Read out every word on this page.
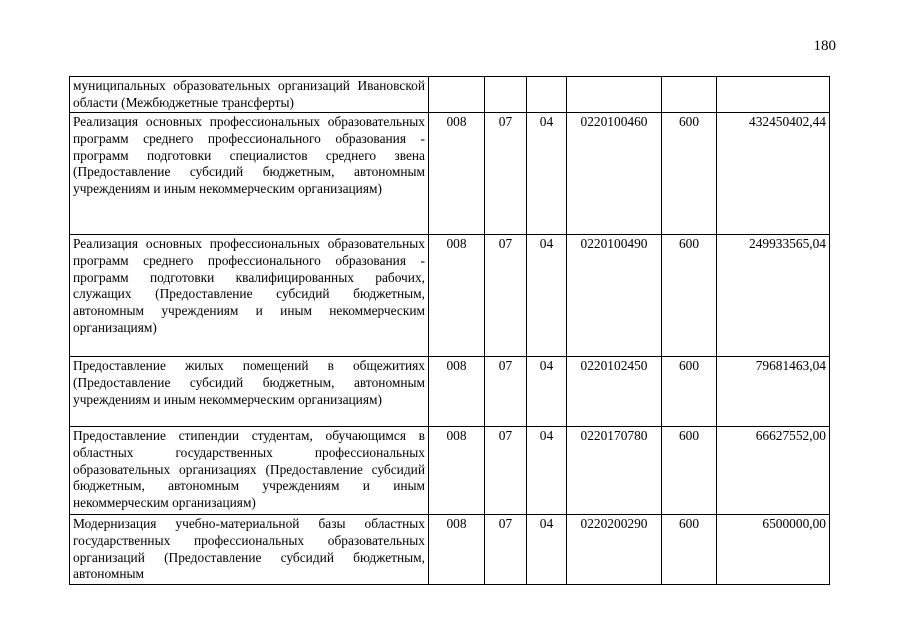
180
муниципальных образовательных организаций Ивановской области (Межбюджетные трансферты)						
Реализация основных профессиональных образовательных программ среднего профессионального образования - программ подготовки специалистов среднего звена (Предоставление субсидий бюджетным, автономным учреждениям и иным некоммерческим организациям)	008	07	04	0220100460	600	432450402,44
Реализация основных профессиональных образовательных программ среднего профессионального образования - программ подготовки квалифицированных рабочих, служащих (Предоставление субсидий бюджетным, автономным учреждениям и иным некоммерческим организациям)	008	07	04	0220100490	600	249933565,04
Предоставление жилых помещений в общежитиях (Предоставление субсидий бюджетным, автономным учреждениям и иным некоммерческим организациям)	008	07	04	0220102450	600	79681463,04
Предоставление стипендии студентам, обучающимся в областных государственных профессиональных образовательных организациях (Предоставление субсидий бюджетным, автономным учреждениям и иным некоммерческим организациям)	008	07	04	0220170780	600	66627552,00
Модернизация учебно-материальной базы областных государственных профессиональных образовательных организаций (Предоставление субсидий бюджетным, автономным	008	07	04	0220200290	600	6500000,00
